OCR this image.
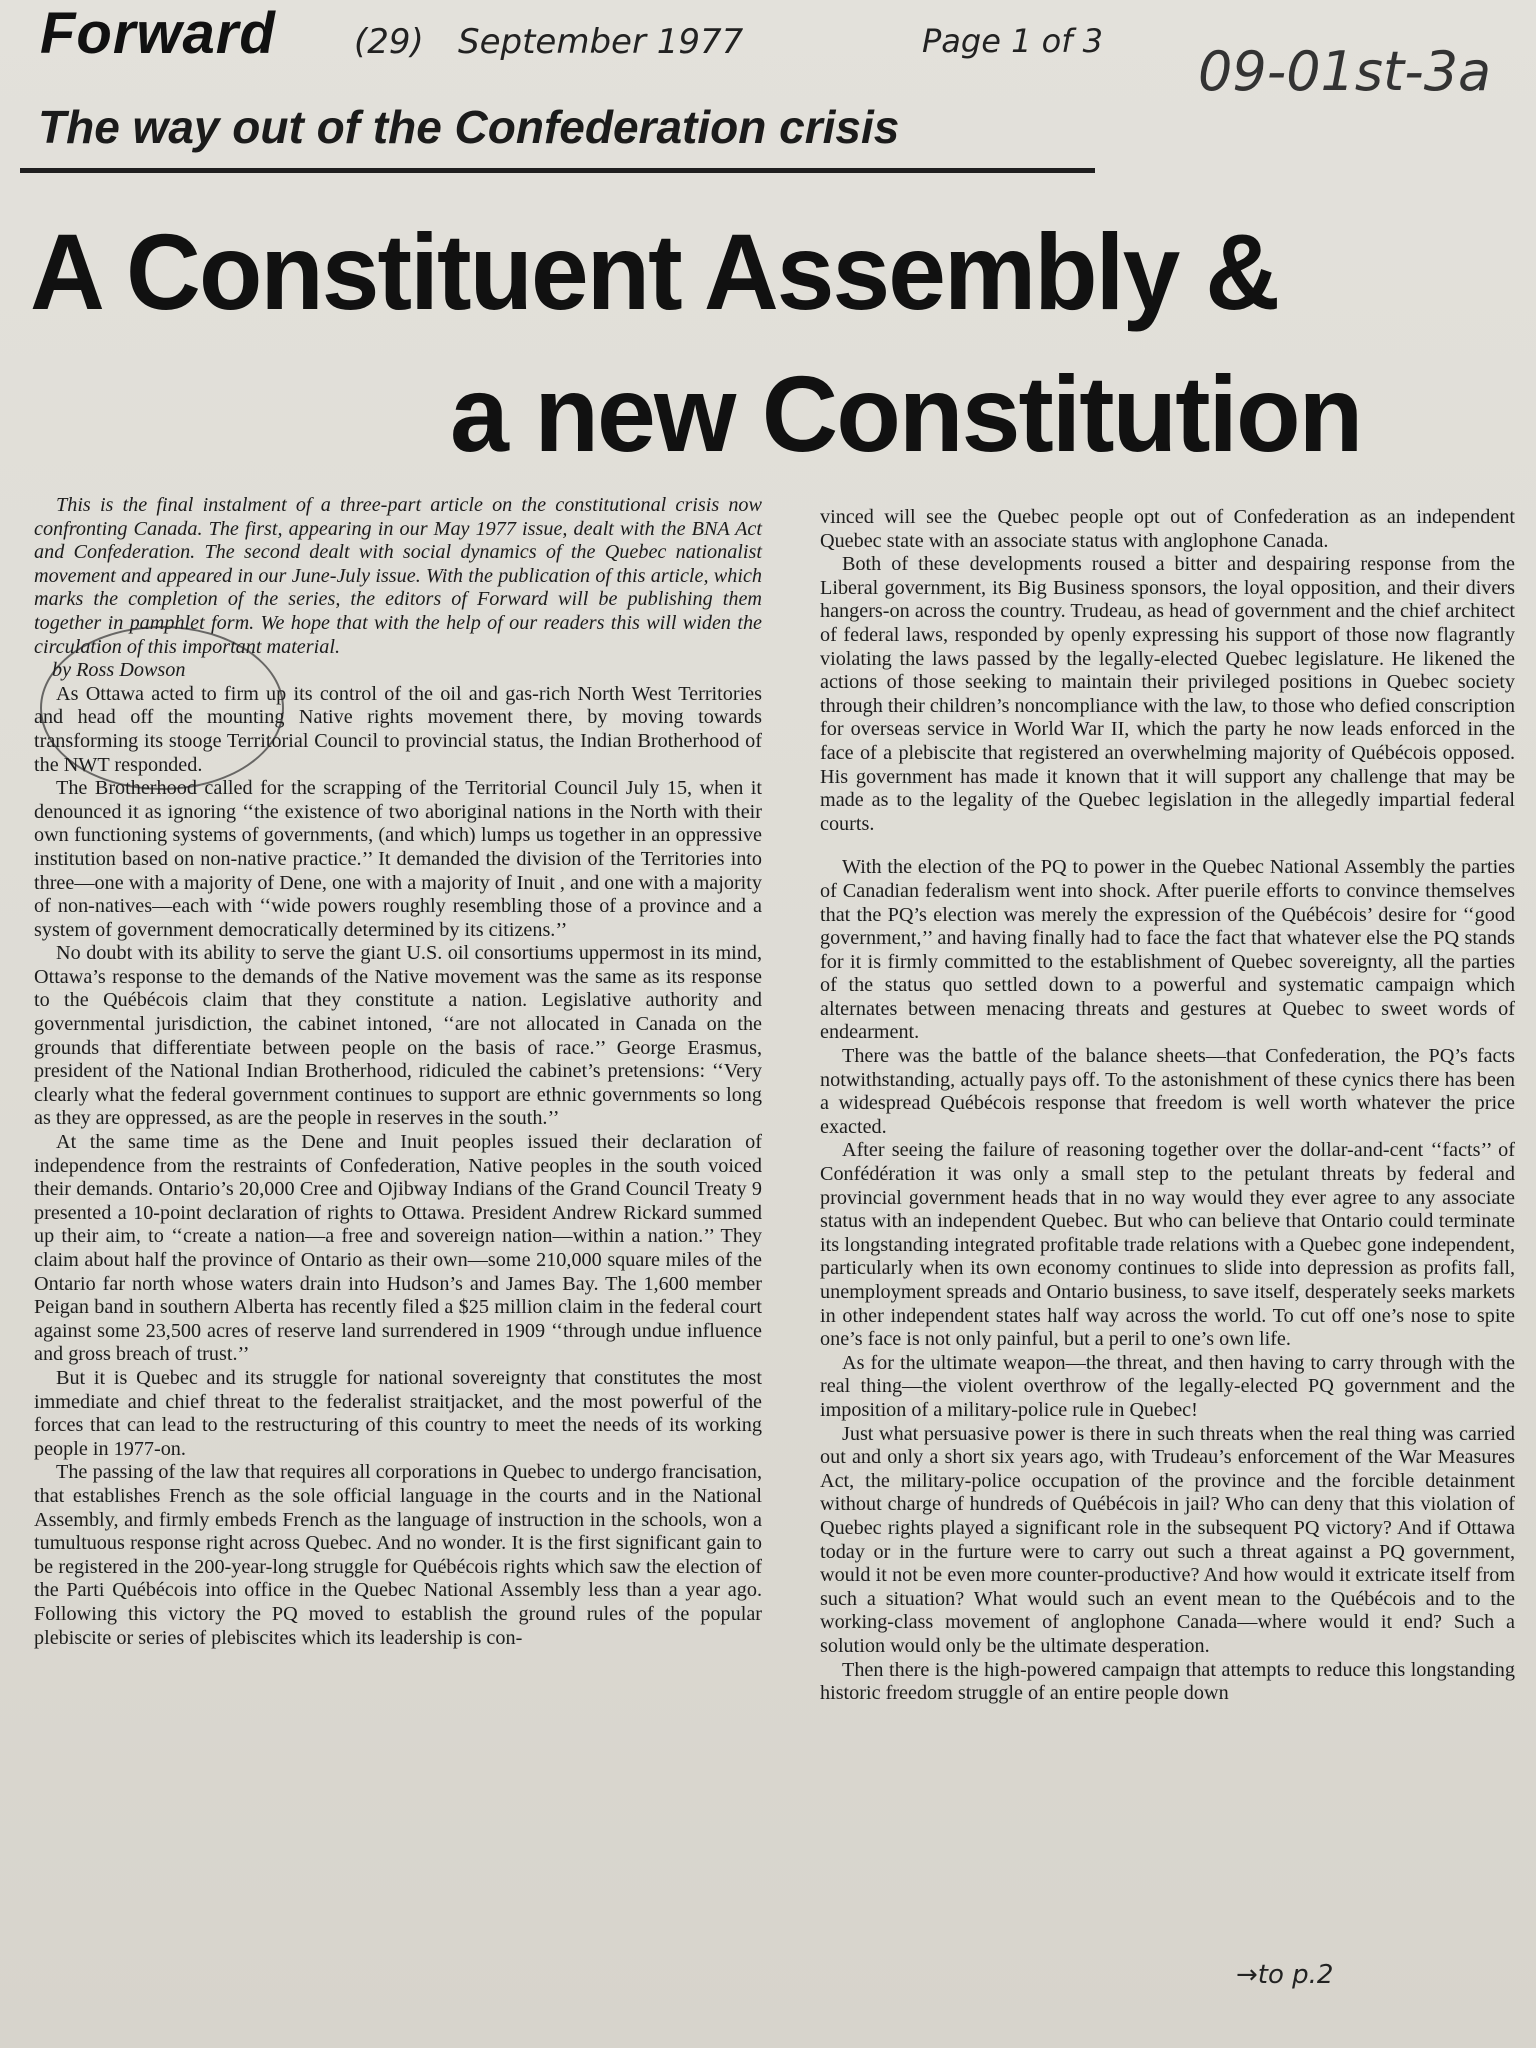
Forward (29) September 1977	Page 1 of 3 09-01st-3a
The way out of the Confederation crisis
A Constituent Assembly &
a new Constitution

This is the final instalment of a three-part article on the constitutional crisis now confronting Canada. The first, appearing in our May 1977 issue, dealt with the BNA Act and Confederation. The second dealt with social dynamics of the Quebec nationalist movement and appeared in our June-July issue. With the publication of this article, which marks the completion of the series, the editors of Forward will be publishing them together in pamphlet form. We hope that with the help of our readers this will widen the circulation of this important material.

by Ross Dowson

As Ottawa acted to firm up its control of the oil and gas-rich North West Territories and head off the mounting Native rights movement there, by moving towards transforming its stooge Territorial Council to provincial status, the Indian Brotherhood of the NWT responded.

The Brotherhood called for the scrapping of the Territorial Council July 15, when it denounced it as ignoring ‘‘the existence of two aboriginal nations in the North with their own functioning systems of governments, (and which) lumps us together in an oppressive institution based on non-native practice.’’ It demanded the division of the Territories into three—one with a majority of Dene, one with a majority of Inuit , and one with a majority of non-natives—each with ‘‘wide powers roughly resembling those of a province and a system of government democratically determined by its citizens.’’

No doubt with its ability to serve the giant U.S. oil consortiums uppermost in its mind, Ottawa’s response to the demands of the Native movement was the same as its response to the Québécois claim that they constitute a nation. Legislative authority and governmental jurisdiction, the cabinet intoned, ‘‘are not allocated in Canada on the grounds that differentiate between people on the basis of race.’’ George Erasmus, president of the National Indian Brotherhood, ridiculed the cabinet’s pretensions: ‘‘Very clearly what the federal government continues to support are ethnic governments so long as they are oppressed, as are the people in reserves in the south.’’

At the same time as the Dene and Inuit peoples issued their declaration of independence from the restraints of Confederation, Native peoples in the south voiced their demands. Ontario’s 20,000 Cree and Ojibway Indians of the Grand Council Treaty 9 presented a 10-point declaration of rights to Ottawa. President Andrew Rickard summed up their aim, to ‘‘create a nation—a free and sovereign nation—within a nation.’’ They claim about half the province of Ontario as their own—some 210,000 square miles of the Ontario far north whose waters drain into Hudson’s and James Bay. The 1,600 member Peigan band in southern Alberta has recently filed a $25 million claim in the federal court against some 23,500 acres of reserve land surrendered in 1909 ‘‘through undue influence and gross breach of trust.’’

But it is Quebec and its struggle for national sovereignty that constitutes the most immediate and chief threat to the federalist straitjacket, and the most powerful of the forces that can lead to the restructuring of this country to meet the needs of its working people in 1977-on.

The passing of the law that requires all corporations in Quebec to undergo francisation, that establishes French as the sole official language in the courts and in the National Assembly, and firmly embeds French as the language of instruction in the schools, won a tumultuous response right across Quebec. And no wonder. It is the first significant gain to be registered in the 200-year-long struggle for Québécois rights which saw the election of the Parti Québécois into office in the Quebec National Assembly less than a year ago. Following this victory the PQ moved to establish the ground rules of the popular plebiscite or series of plebiscites which its leadership is con-

vinced will see the Quebec people opt out of Confederation as an independent Quebec state with an associate status with anglophone Canada.

Both of these developments roused a bitter and despairing response from the Liberal government, its Big Business sponsors, the loyal opposition, and their divers hangers-on across the country. Trudeau, as head of government and the chief architect of federal laws, responded by openly expressing his support of those now flagrantly violating the laws passed by the legally-elected Quebec legislature. He likened the actions of those seeking to maintain their privileged positions in Quebec society through their children’s noncompliance with the law, to those who defied conscription for overseas service in World War II, which the party he now leads enforced in the face of a plebiscite that registered an overwhelming majority of Québécois opposed. His government has made it known that it will support any challenge that may be made as to the legality of the Quebec legislation in the allegedly impartial federal courts.

With the election of the PQ to power in the Quebec National Assembly the parties of Canadian federalism went into shock. After puerile efforts to convince themselves that the PQ’s election was merely the expression of the Québécois’ desire for ‘‘good government,’’ and having finally had to face the fact that whatever else the PQ stands for it is firmly committed to the establishment of Quebec sovereignty, all the parties of the status quo settled down to a powerful and systematic campaign which alternates between menacing threats and gestures at Quebec to sweet words of endearment.

There was the battle of the balance sheets—that Confederation, the PQ’s facts notwithstanding, actually pays off. To the astonishment of these cynics there has been a widespread Québécois response that freedom is well worth whatever the price exacted.

After seeing the failure of reasoning together over the dollar-and-cent ‘‘facts’’ of Confédération it was only a small step to the petulant threats by federal and provincial government heads that in no way would they ever agree to any associate status with an independent Quebec. But who can believe that Ontario could terminate its longstanding integrated profitable trade relations with a Quebec gone independent, particularly when its own economy continues to slide into depression as profits fall, unemployment spreads and Ontario business, to save itself, desperately seeks markets in other independent states half way across the world. To cut off one’s nose to spite one’s face is not only painful, but a peril to one’s own life.

As for the ultimate weapon—the threat, and then having to carry through with the real thing—the violent overthrow of the legally-elected PQ government and the imposition of a military-police rule in Quebec!

Just what persuasive power is there in such threats when the real thing was carried out and only a short six years ago, with Trudeau’s enforcement of the War Measures Act, the military-police occupation of the province and the forcible detainment without charge of hundreds of Québécois in jail? Who can deny that this violation of Quebec rights played a significant role in the subsequent PQ victory? And if Ottawa today or in the furture were to carry out such a threat against a PQ government, would it not be even more counter-productive? And how would it extricate itself from such a situation? What would such an event mean to the Québécois and to the working-class movement of anglophone Canada—where would it end? Such a solution would only be the ultimate desperation.

Then there is the high-powered campaign that attempts to reduce this longstanding historic freedom struggle of an entire people down

→to p.2
